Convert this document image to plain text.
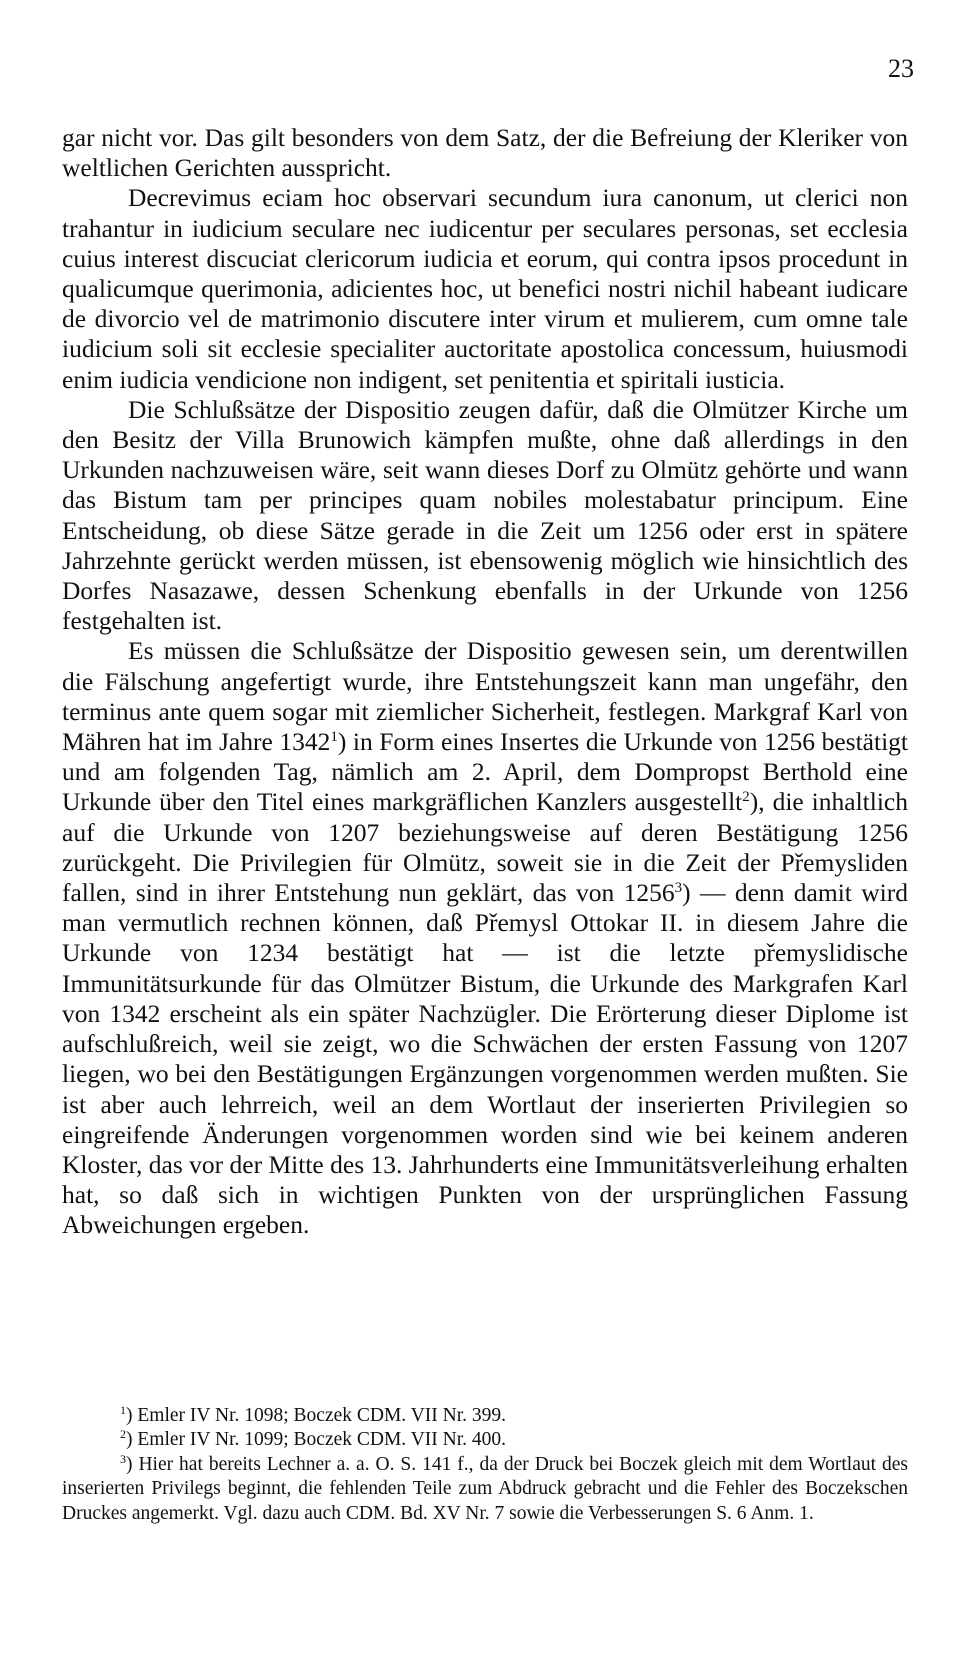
23

gar nicht vor. Das gilt besonders von dem Satz, der die Befreiung der Kleriker von weltlichen Gerichten ausspricht.

Decrevimus eciam hoc observari secundum iura canonum, ut clerici non trahantur in iudicium seculare nec iudicentur per seculares personas, set ecclesia cuius interest discuciat clericorum iudicia et eorum, qui contra ipsos procedunt in qualicumque querimonia, adicientes hoc, ut benefici nostri nichil habeant iudicare de divorcio vel de matrimonio discutere inter virum et mulierem, cum omne tale iudicium soli sit ecclesie specialiter auctoritate apostolica concessum, huiusmodi enim iudicia vendicione non indigent, set penitentia et spiritali iusticia.

Die Schlußsätze der Dispositio zeugen dafür, daß die Olmützer Kirche um den Besitz der Villa Brunowich kämpfen mußte, ohne daß allerdings in den Urkunden nachzuweisen wäre, seit wann dieses Dorf zu Olmütz gehörte und wann das Bistum tam per principes quam nobiles molestabatur principum. Eine Entscheidung, ob diese Sätze gerade in die Zeit um 1256 oder erst in spätere Jahrzehnte gerückt werden müssen, ist ebensowenig möglich wie hinsichtlich des Dorfes Nasazawe, dessen Schenkung ebenfalls in der Urkunde von 1256 festgehalten ist.

Es müssen die Schlußsätze der Dispositio gewesen sein, um derentwillen die Fälschung angefertigt wurde, ihre Entstehungszeit kann man ungefähr, den terminus ante quem sogar mit ziemlicher Sicherheit, festlegen. Markgraf Karl von Mähren hat im Jahre 1342$^1$) in Form eines Insertes die Urkunde von 1256 bestätigt und am folgenden Tag, nämlich am 2. April, dem Dompropst Berthold eine Urkunde über den Titel eines markgräflichen Kanzlers ausgestellt$^2$), die inhaltlich auf die Urkunde von 1207 beziehungsweise auf deren Bestätigung 1256 zurückgeht. Die Privilegien für Olmütz, soweit sie in die Zeit der Přemysliden fallen, sind in ihrer Entstehung nun geklärt, das von 1256$^3$) — denn damit wird man vermutlich rechnen können, daß Přemysl Ottokar II. in diesem Jahre die Urkunde von 1234 bestätigt hat — ist die letzte přemyslidische Immunitätsurkunde für das Olmützer Bistum, die Urkunde des Markgrafen Karl von 1342 erscheint als ein später Nachzügler. Die Erörterung dieser Diplome ist aufschlußreich, weil sie zeigt, wo die Schwächen der ersten Fassung von 1207 liegen, wo bei den Bestätigungen Ergänzungen vorgenommen werden mußten. Sie ist aber auch lehrreich, weil an dem Wortlaut der inserierten Privilegien so eingreifende Änderungen vorgenommen worden sind wie bei keinem anderen Kloster, das vor der Mitte des 13. Jahrhunderts eine Immunitätsverleihung erhalten hat, so daß sich in wichtigen Punkten von der ursprünglichen Fassung Abweichungen ergeben.

$^1$) Emler IV Nr. 1098; Boczek CDM. VII Nr. 399.

$^2$) Emler IV Nr. 1099; Boczek CDM. VII Nr. 400.

$^3$) Hier hat bereits Lechner a. a. O. S. 141 f., da der Druck bei Boczek gleich mit dem Wortlaut des inserierten Privilegs beginnt, die fehlenden Teile zum Abdruck gebracht und die Fehler des Boczekschen Druckes angemerkt. Vgl. dazu auch CDM. Bd. XV Nr. 7 sowie die Verbesserungen S. 6 Anm. 1.
